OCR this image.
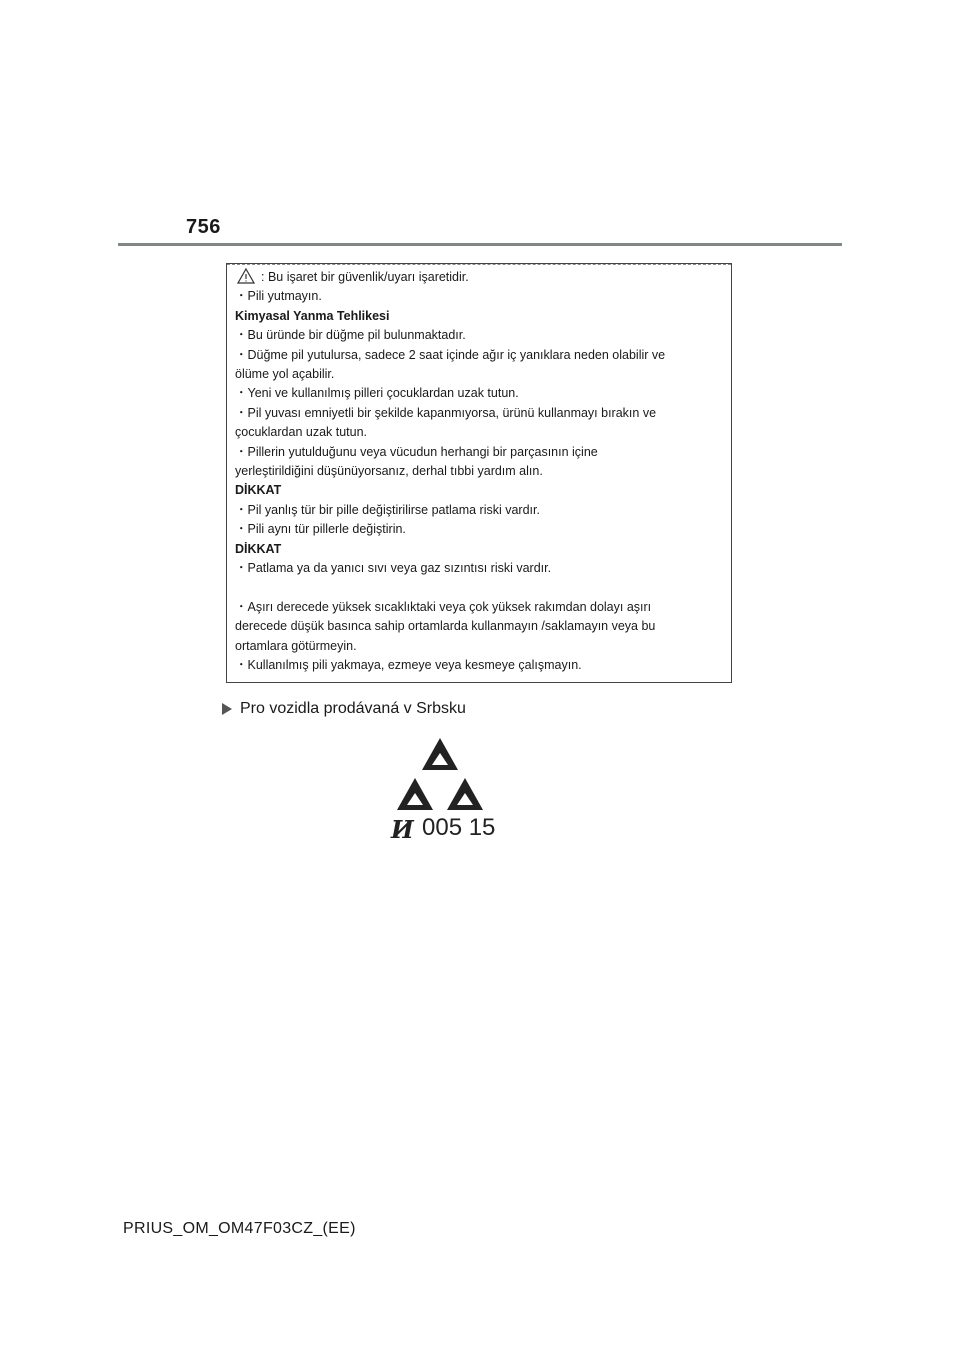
756
: Bu işaret bir güvenlik/uyarı işaretidir.
・Pili yutmayın.
Kimyasal Yanma Tehlikesi
・Bu üründe bir düğme pil bulunmaktadır.
・Düğme pil yutulursa, sadece 2 saat içinde ağır iç yanıklara neden olabilir ve
ölüme yol açabilir.
・Yeni ve kullanılmış pilleri çocuklardan uzak tutun.
・Pil yuvası emniyetli bir şekilde kapanmıyorsa, ürünü kullanmayı bırakın ve
çocuklardan uzak tutun.
・Pillerin yutulduğunu veya vücudun herhangi bir parçasının içine
yerleştirildiğini düşünüyorsanız, derhal tıbbi yardım alın.
DİKKAT
・Pil yanlış tür bir pille değiştirilirse patlama riski vardır.
・Pili aynı tür pillerle değiştirin.
DİKKAT
・Patlama ya da yanıcı sıvı veya gaz sızıntısı riski vardır.
・Aşırı derecede yüksek sıcaklıktaki veya çok yüksek rakımdan dolayı aşırı
derecede düşük basınca sahip ortamlarda kullanmayın /saklamayın veya bu
ortamlara götürmeyin.
・Kullanılmış pili yakmaya, ezmeye veya kesmeye çalışmayın.
Pro vozidla prodávaná v Srbsku
И 005 15
PRIUS_OM_OM47F03CZ_(EE)
